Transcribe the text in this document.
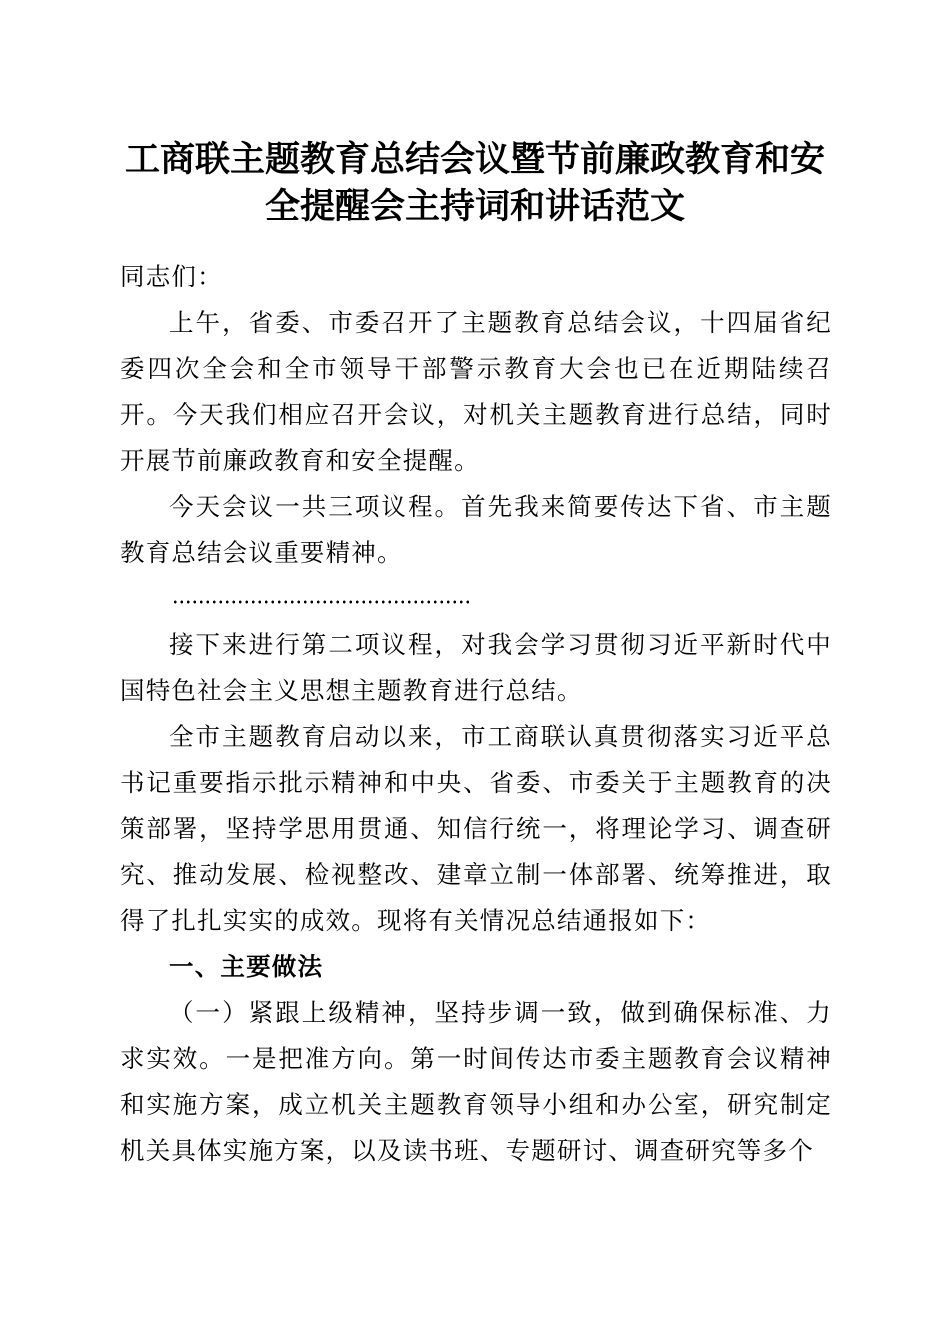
工商联主题教育总结会议暨节前廉政教育和安
全提醒会主持词和讲话范文

同志们：

上午，省委、市委召开了主题教育总结会议，十四届省纪委四次全会和全市领导干部警示教育大会也已在近期陆续召开。今天我们相应召开会议，对机关主题教育进行总结，同时开展节前廉政教育和安全提醒。

今天会议一共三项议程。首先我来简要传达下省、市主题教育总结会议重要精神。

接下来进行第二项议程，对我会学习贯彻习近平新时代中国特色社会主义思想主题教育进行总结。

全市主题教育启动以来，市工商联认真贯彻落实习近平总书记重要指示批示精神和中央、省委、市委关于主题教育的决策部署，坚持学思用贯通、知信行统一，将理论学习、调查研究、推动发展、检视整改、建章立制一体部署、统筹推进，取得了扎扎实实的成效。现将有关情况总结通报如下：

一、主要做法

（一）紧跟上级精神，坚持步调一致，做到确保标准、力求实效。一是把准方向。第一时间传达市委主题教育会议精神和实施方案，成立机关主题教育领导小组和办公室，研究制定机关具体实施方案，以及读书班、专题研讨、调查研究等多个
